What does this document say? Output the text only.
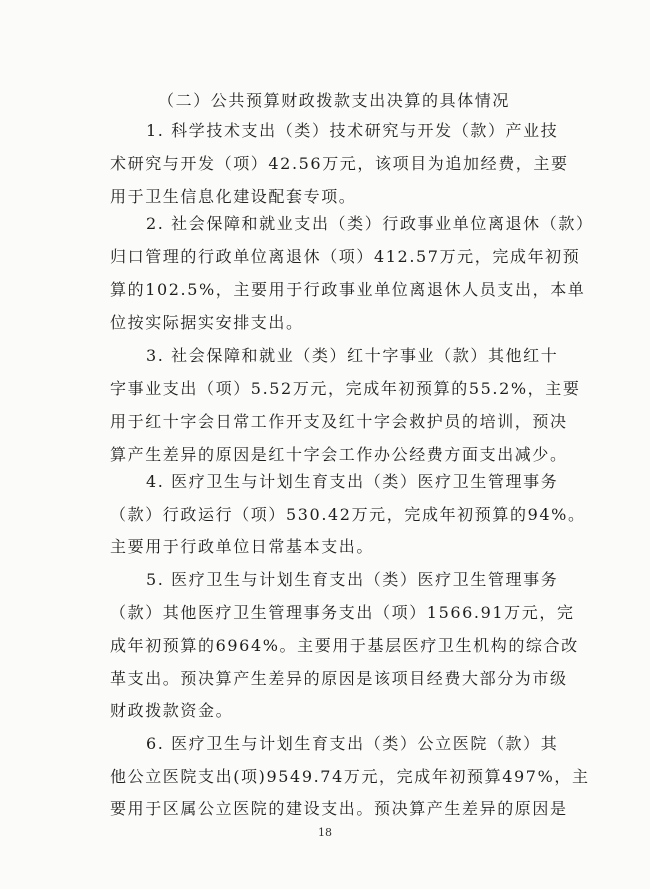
（二）公共预算财政拨款支出决算的具体情况
1. 科学技术支出（类）技术研究与开发（款）产业技
术研究与开发（项）42.56万元，该项目为追加经费，主要
用于卫生信息化建设配套专项。
2. 社会保障和就业支出（类）行政事业单位离退休（款）
归口管理的行政单位离退休（项）412.57万元，完成年初预
算的102.5%，主要用于行政事业单位离退休人员支出，本单
位按实际据实安排支出。
3. 社会保障和就业（类）红十字事业（款）其他红十
字事业支出（项）5.52万元，完成年初预算的55.2%，主要
用于红十字会日常工作开支及红十字会救护员的培训，预决
算产生差异的原因是红十字会工作办公经费方面支出减少。
4. 医疗卫生与计划生育支出（类）医疗卫生管理事务
（款）行政运行（项）530.42万元，完成年初预算的94%。
主要用于行政单位日常基本支出。
5. 医疗卫生与计划生育支出（类）医疗卫生管理事务
（款）其他医疗卫生管理事务支出（项）1566.91万元，完
成年初预算的6964%。主要用于基层医疗卫生机构的综合改
革支出。预决算产生差异的原因是该项目经费大部分为市级
财政拨款资金。
6. 医疗卫生与计划生育支出（类）公立医院（款）其
他公立医院支出(项)9549.74万元，完成年初预算497%，主
要用于区属公立医院的建设支出。预决算产生差异的原因是
18
